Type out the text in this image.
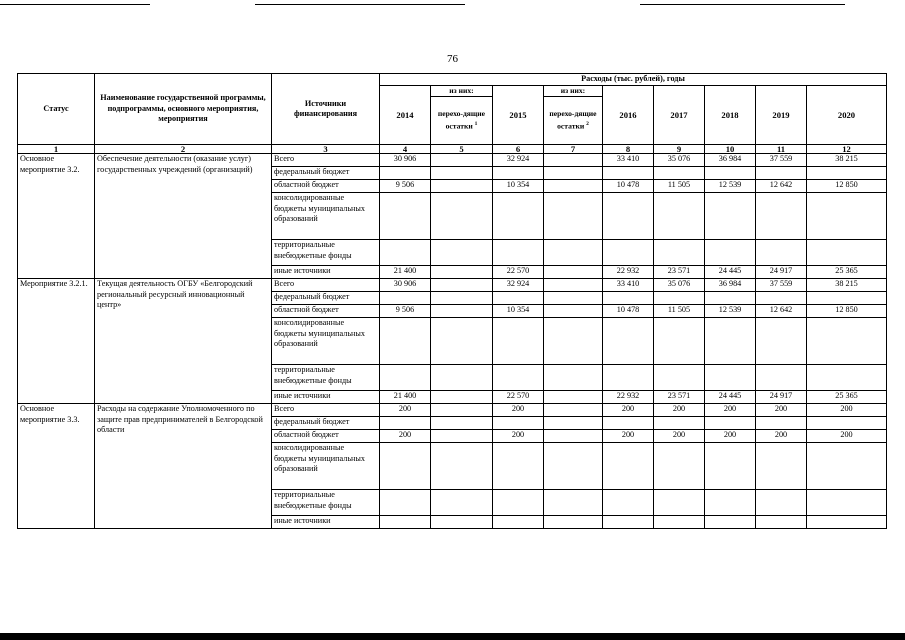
76
Статус	Наименование государственной программы, подпрограммы, основного мероприятия, мероприятия	Источники финансирования	Расходы (тыс. рублей), годы								
			2014	из них:	2015	из них:	2016	2017	2018	2019	2020
				перехо-дящие остатки $^1$		перехо-дящие остатки $^2$
1	2	3	4	5	6	7	8	9	10	11	12
Основное мероприятие 3.2.	Обеспечение деятельности (оказание услуг) государственных учреждений (организаций)	Всего	30 906		32 924		33 410	35 076	36 984	37 559	38 215
		федеральный бюджет									
		областной бюджет	9 506		10 354		10 478	11 505	12 539	12 642	12 850
		консолидированные бюджеты муниципальных образований									
		территориальные внебюджетные фонды									
		иные источники	21 400		22 570		22 932	23 571	24 445	24 917	25 365
Мероприятие 3.2.1.	Текущая деятельность ОГБУ «Белгородский региональный ресурсный инновационный центр»	Всего	30 906		32 924		33 410	35 076	36 984	37 559	38 215
		федеральный бюджет									
		областной бюджет	9 506		10 354		10 478	11 505	12 539	12 642	12 850
		консолидированные бюджеты муниципальных образований									
		территориальные внебюджетные фонды									
		иные источники	21 400		22 570		22 932	23 571	24 445	24 917	25 365
Основное мероприятие 3.3.	Расходы на содержание Уполномоченного по защите прав предпринимателей в Белгородской области	Всего	200		200		200	200	200	200	200
		федеральный бюджет									
		областной бюджет	200		200		200	200	200	200	200
		консолидированные бюджеты муниципальных образований									
		территориальные внебюджетные фонды									
		иные источники									
